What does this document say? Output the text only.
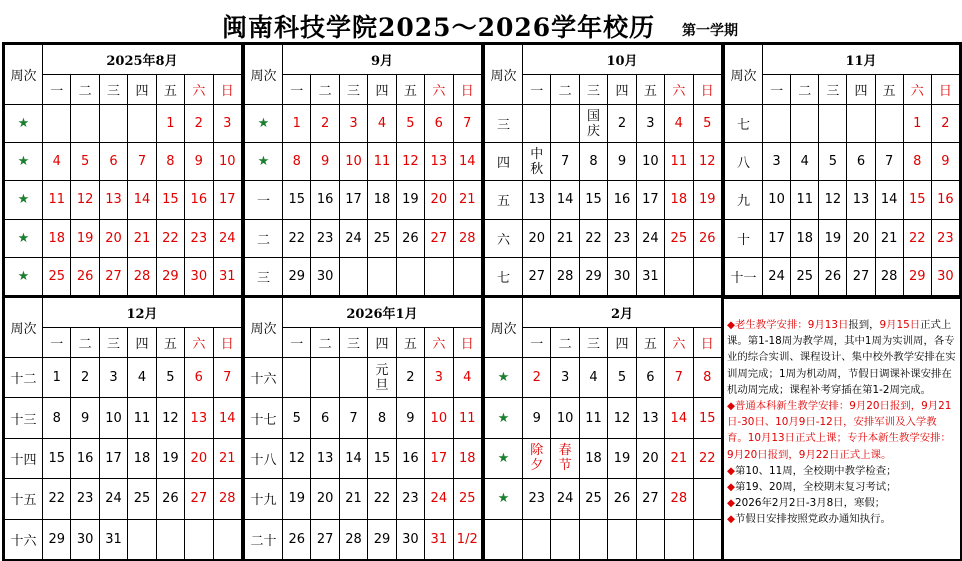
闽南科技学院2025～2026学年校历 第一学期
周次	2025年8月						
	一	二	三	四	五	六	日
★					1	2	3
★	4	5	6	7	8	9	10
★	11	12	13	14	15	16	17
★	18	19	20	21	22	23	24
★	25	26	27	28	29	30	31
周次	9月						
	一	二	三	四	五	六	日
★	1	2	3	4	5	6	7
★	8	9	10	11	12	13	14
一	15	16	17	18	19	20	21
二	22	23	24	25	26	27	28
三	29	30					
周次	10月						
	一	二	三	四	五	六	日
三			国庆	2	3	4	5
四	中秋	7	8	9	10	11	12
五	13	14	15	16	17	18	19
六	20	21	22	23	24	25	26
七	27	28	29	30	31		
周次	11月						
	一	二	三	四	五	六	日
七						1	2
八	3	4	5	6	7	8	9
九	10	11	12	13	14	15	16
十	17	18	19	20	21	22	23
十一	24	25	26	27	28	29	30
周次	12月						
	一	二	三	四	五	六	日
十二	1	2	3	4	5	6	7
十三	8	9	10	11	12	13	14
十四	15	16	17	18	19	20	21
十五	22	23	24	25	26	27	28
十六	29	30	31				
周次	2026年1月						
	一	二	三	四	五	六	日
十六				元旦	2	3	4
十七	5	6	7	8	9	10	11
十八	12	13	14	15	16	17	18
十九	19	20	21	22	23	24	25
二十	26	27	28	29	30	31	1/2
周次	2月						
	一	二	三	四	五	六	日
★	2	3	4	5	6	7	8
★	9	10	11	12	13	14	15
★	除夕	春节	18	19	20	21	22
★	23	24	25	26	27	28	

◆老生教学安排：9月13日报到，9月15日正式上课。第1-18周为教学周，其中1周为实训周，各专业的综合实训、课程设计、集中校外教学安排在实训周完成；1周为机动周，节假日调课补课安排在机动周完成；课程补考穿插在第1-2周完成。

◆普通本科新生教学安排：9月20日报到，9月21日-30日、10月9日-12日，安排军训及入学教育。10月13日正式上课；专升本新生教学安排：9月20日报到，9月22日正式上课。

◆第10、11周，全校期中教学检查；

◆第19、20周，全校期末复习考试；

◆2026年2月2日-3月8日，寒假；

◆节假日安排按照党政办通知执行。
